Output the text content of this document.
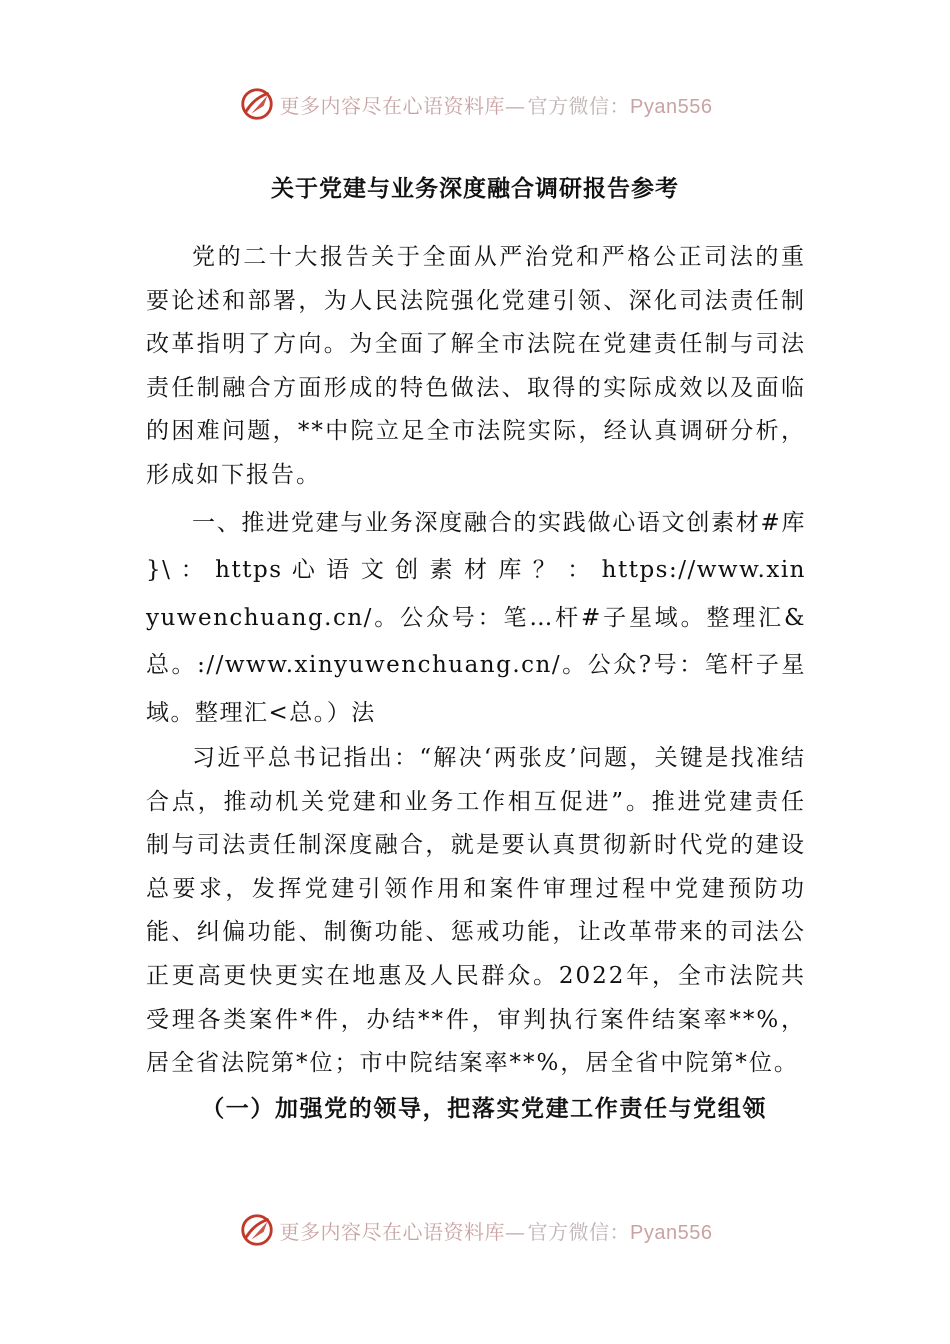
更多内容尽在心语资料库— 官方微信：Pyan556
关于党建与业务深度融合调研报告参考

党的二十大报告关于全面从严治党和严格公正司法的重要论述和部署，为人民法院强化党建引领、深化司法责任制改革指明了方向。为全面了解全市法院在党建责任制与司法责任制融合方面形成的特色做法、取得的实际成效以及面临的困难问题，**中院立足全市法院实际，经认真调研分析，形成如下报告。

一、推进党建与业务深度融合的实践做心语文创素材#库 }\ ： https 心 语 文 创 素 材 库 ？ ： https://www.xinyuwenchuang.cn/。公众号：笔…杆#子星域。整理汇&总。://www.xinyuwenchuang.cn/。公众?号：笔杆子星域。整理汇<总。）法

习近平总书记指出：“解决‘两张皮’问题，关键是找准结合点，推动机关党建和业务工作相互促进”。推进党建责任制与司法责任制深度融合，就是要认真贯彻新时代党的建设总要求，发挥党建引领作用和案件审理过程中党建预防功能、纠偏功能、制衡功能、惩戒功能，让改革带来的司法公正更高更快更实在地惠及人民群众。2022年，全市法院共受理各类案件*件，办结**件，审判执行案件结案率**%，居全省法院第*位；市中院结案率**%，居全省中院第*位。

（一）加强党的领导，把落实党建工作责任与党组领

更多内容尽在心语资料库— 官方微信：Pyan556
